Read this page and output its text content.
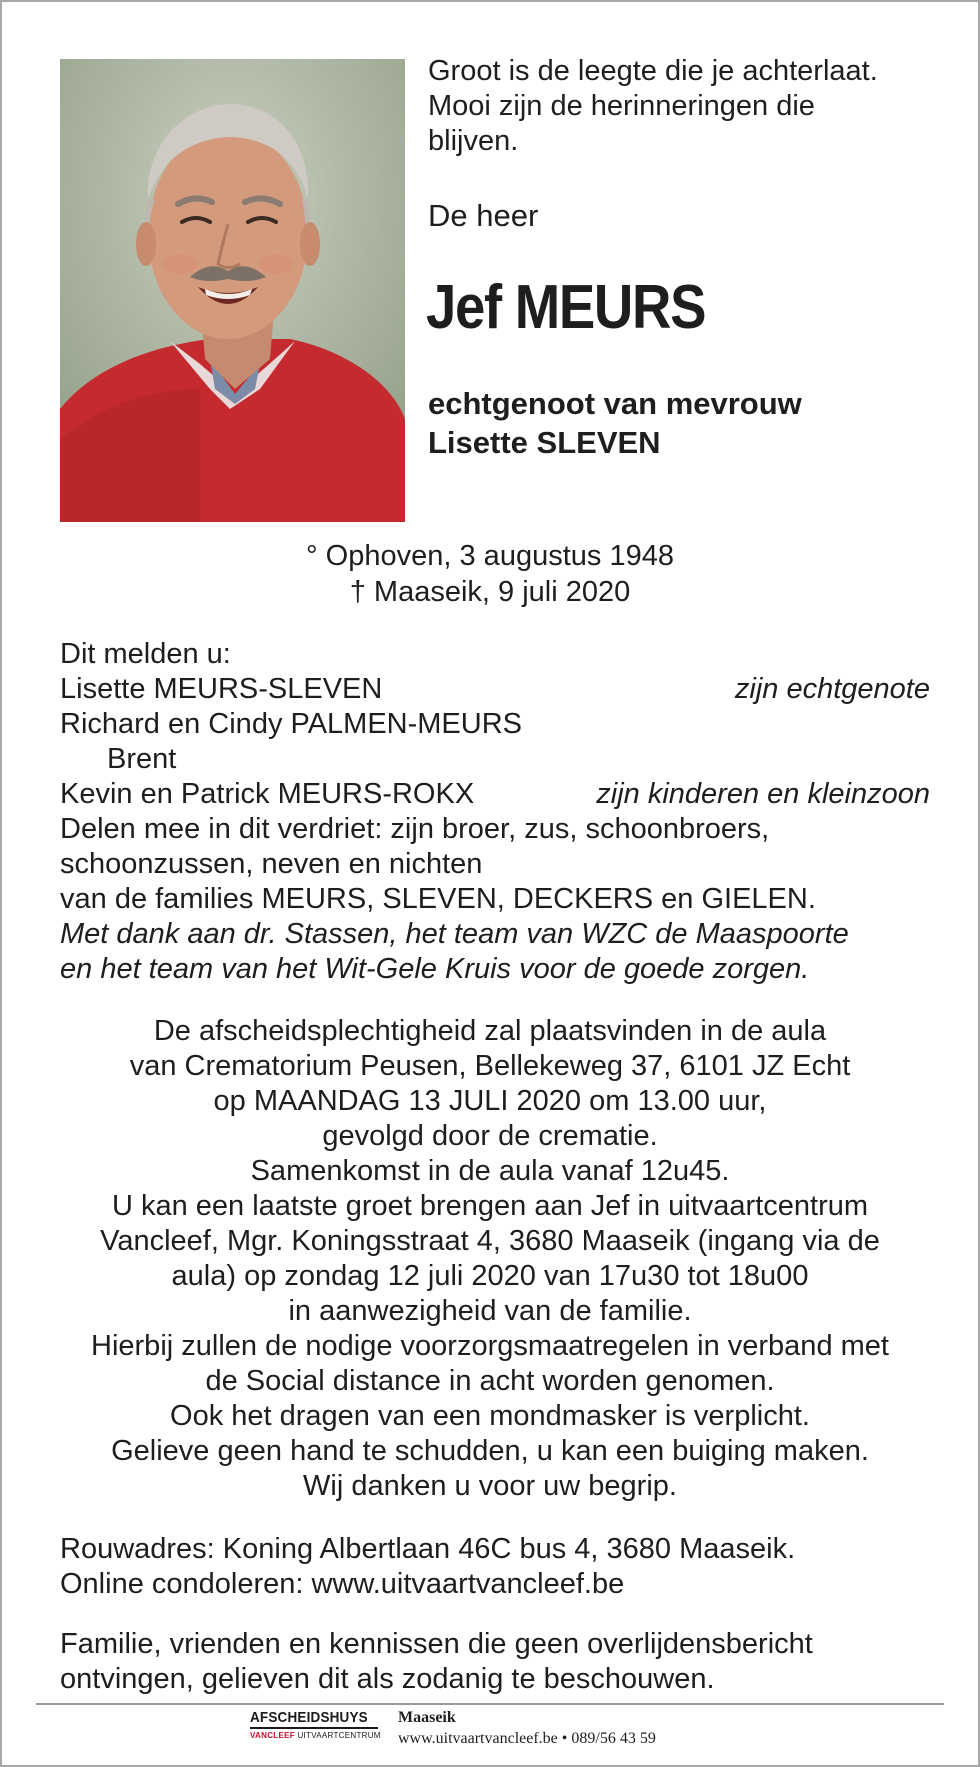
Groot is de leegte die je achterlaat.
Mooi zijn de herinneringen die
blijven.

De heer
Jef MEURS
echtgenoot van mevrouw
Lisette SLEVEN
° Ophoven, 3 augustus 1948
† Maaseik, 9 juli 2020
Dit melden u:
Lisette MEURS-SLEVEN	zijn echtgenote
Richard en Cindy PALMEN-MEURS
Brent
Kevin en Patrick MEURS-ROKX	zijn kinderen en kleinzoon
Delen mee in dit verdriet: zijn broer, zus, schoonbroers,
schoonzussen, neven en nichten
van de families MEURS, SLEVEN, DECKERS en GIELEN.
Met dank aan dr. Stassen, het team van WZC de Maaspoorte
en het team van het Wit-Gele Kruis voor de goede zorgen.
De afscheidsplechtigheid zal plaatsvinden in de aula
van Crematorium Peusen, Bellekeweg 37, 6101 JZ Echt
op MAANDAG 13 JULI 2020 om 13.00 uur,
gevolgd door de crematie.
Samenkomst in de aula vanaf 12u45.
U kan een laatste groet brengen aan Jef in uitvaartcentrum
Vancleef, Mgr. Koningsstraat 4, 3680 Maaseik (ingang via de
aula) op zondag 12 juli 2020 van 17u30 tot 18u00
in aanwezigheid van de familie.
Hierbij zullen de nodige voorzorgsmaatregelen in verband met
de Social distance in acht worden genomen.
Ook het dragen van een mondmasker is verplicht.
Gelieve geen hand te schudden, u kan een buiging maken.
Wij danken u voor uw begrip.
Rouwadres: Koning Albertlaan 46C bus 4, 3680 Maaseik.
Online condoleren: www.uitvaartvancleef.be
Familie, vrienden en kennissen die geen overlijdensbericht
ontvingen, gelieven dit als zodanig te beschouwen.
AFSCHEIDSHUYS
VANCLEEF UITVAARTCENTRUM
Maaseik
www.uitvaartvancleef.be • 089/56 43 59
